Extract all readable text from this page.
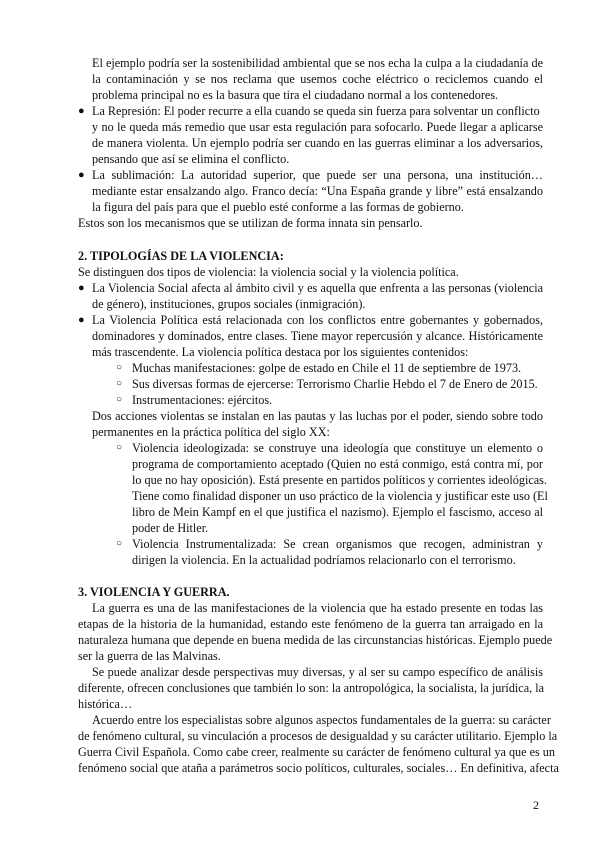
El ejemplo podría ser la sostenibilidad ambiental que se nos echa la culpa a la ciudadanía de

la contaminación y se nos reclama que usemos coche eléctrico o reciclemos cuando el

problema principal no es la basura que tira el ciudadano normal a los contenedores.

● La Represión: El poder recurre a ella cuando se queda sin fuerza para solventar un conflicto

y no le queda más remedio que usar esta regulación para sofocarlo. Puede llegar a aplicarse

de manera violenta. Un ejemplo podría ser cuando en las guerras eliminar a los adversarios,

pensando que así se elimina el conflicto.

● La sublimación: La autoridad superior, que puede ser una persona, una institución…

mediante estar ensalzando algo. Franco decía: “Una España grande y libre” está ensalzando

la figura del país para que el pueblo esté conforme a las formas de gobierno.

Estos son los mecanismos que se utilizan de forma innata sin pensarlo.

2. TIPOLOGÍAS DE LA VIOLENCIA:

Se distinguen dos tipos de violencia: la violencia social y la violencia política.

● La Violencia Social afecta al ámbito civil y es aquella que enfrenta a las personas (violencia

de género), instituciones, grupos sociales (inmigración).

● La Violencia Política está relacionada con los conflictos entre gobernantes y gobernados,

dominadores y dominados, entre clases. Tiene mayor repercusión y alcance. Históricamente

más trascendente. La violencia política destaca por los siguientes contenidos:

○ Muchas manifestaciones: golpe de estado en Chile el 11 de septiembre de 1973.

○ Sus diversas formas de ejercerse: Terrorismo Charlie Hebdo el 7 de Enero de 2015.

○ Instrumentaciones: ejércitos.

Dos acciones violentas se instalan en las pautas y las luchas por el poder, siendo sobre todo

permanentes en la práctica política del siglo XX:

○ Violencia ideologizada: se construye una ideología que constituye un elemento o

programa de comportamiento aceptado (Quien no está conmigo, está contra mí, por

lo que no hay oposición). Está presente en partidos políticos y corrientes ideológicas.

Tiene como finalidad disponer un uso práctico de la violencia y justificar este uso (El

libro de Mein Kampf en el que justifica el nazismo). Ejemplo el fascismo, acceso al

poder de Hitler.

○ Violencia Instrumentalizada: Se crean organismos que recogen, administran y

dirigen la violencia. En la actualidad podríamos relacionarlo con el terrorismo.

3. VIOLENCIA Y GUERRA.

La guerra es una de las manifestaciones de la violencia que ha estado presente en todas las

etapas de la historia de la humanidad, estando este fenómeno de la guerra tan arraigado en la

naturaleza humana que depende en buena medida de las circunstancias históricas. Ejemplo puede

ser la guerra de las Malvinas.

Se puede analizar desde perspectivas muy diversas, y al ser su campo específico de análisis

diferente, ofrecen conclusiones que también lo son: la antropológica, la socialista, la jurídica, la

histórica…

Acuerdo entre los especialistas sobre algunos aspectos fundamentales de la guerra: su carácter

de fenómeno cultural, su vinculación a procesos de desigualdad y su carácter utilitario. Ejemplo la

Guerra Civil Española. Como cabe creer, realmente su carácter de fenómeno cultural ya que es un

fenómeno social que ataña a parámetros socio políticos, culturales, sociales… En definitiva, afecta

2
